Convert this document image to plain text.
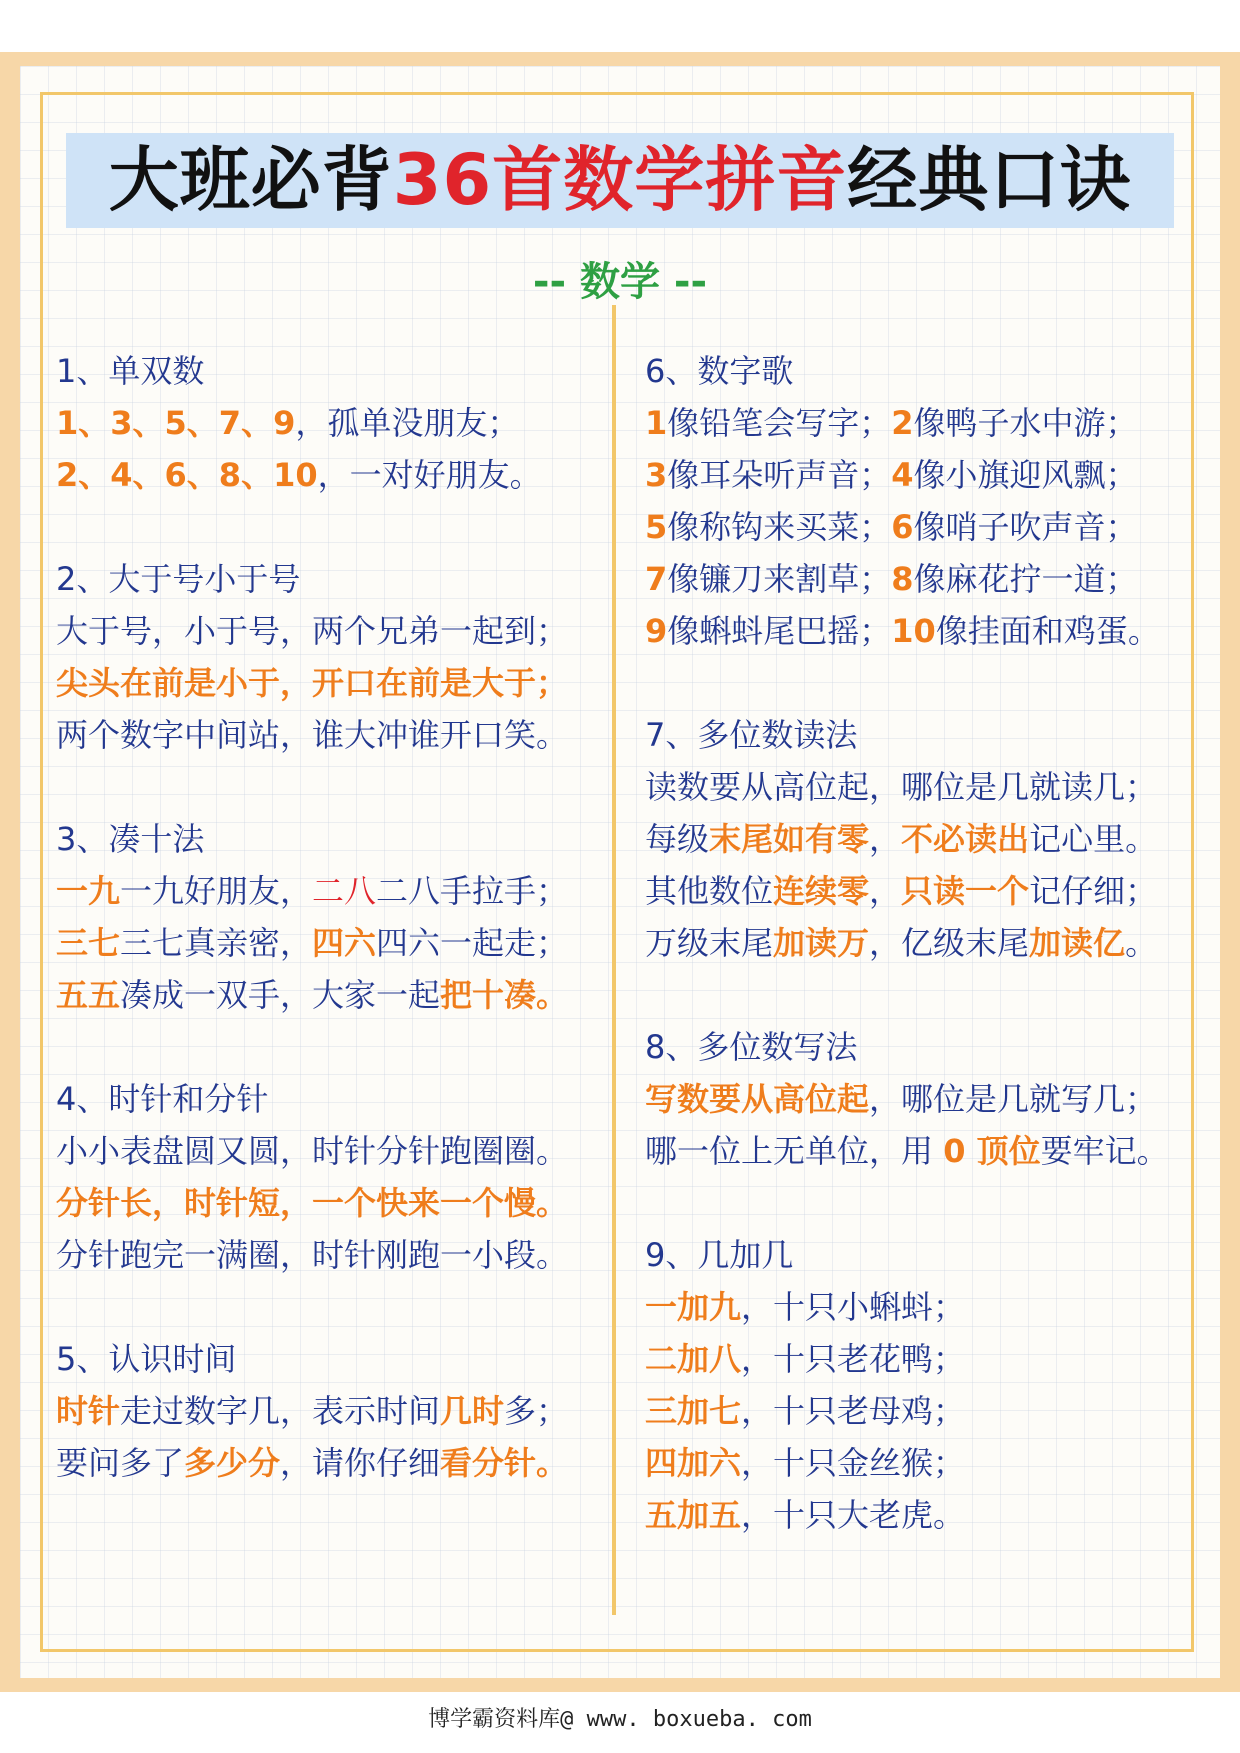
大班必背36首数学拼音经典口诀
-- 数学 --
1、单双数
1、3、5、7、9，孤单没朋友；
2、4、6、8、10，一对好朋友。
2、大于号小于号
大于号，小于号，两个兄弟一起到；
尖头在前是小于，开口在前是大于；
两个数字中间站，谁大冲谁开口笑。
3、凑十法
一九一九好朋友，二八二八手拉手；
三七三七真亲密，四六四六一起走；
五五凑成一双手，大家一起把十凑。
4、时针和分针
小小表盘圆又圆，时针分针跑圈圈。
分针长，时针短，一个快来一个慢。
分针跑完一满圈，时针刚跑一小段。
5、认识时间
时针走过数字几，表示时间几时多；
要问多了多少分，请你仔细看分针。
6、数字歌
1像铅笔会写字；2像鸭子水中游；
3像耳朵听声音；4像小旗迎风飘；
5像称钩来买菜；6像哨子吹声音；
7像镰刀来割草；8像麻花拧一道；
9像蝌蚪尾巴摇；10像挂面和鸡蛋。
7、多位数读法
读数要从高位起，哪位是几就读几；
每级末尾如有零，不必读出记心里。
其他数位连续零，只读一个记仔细；
万级末尾加读万，亿级末尾加读亿。
8、多位数写法
写数要从高位起，哪位是几就写几；
哪一位上无单位，用 0 顶位要牢记。
9、几加几
一加九，十只小蝌蚪；
二加八，十只老花鸭；
三加七，十只老母鸡；
四加六，十只金丝猴；
五加五，十只大老虎。
博学霸资料库@ www. boxueba. com
